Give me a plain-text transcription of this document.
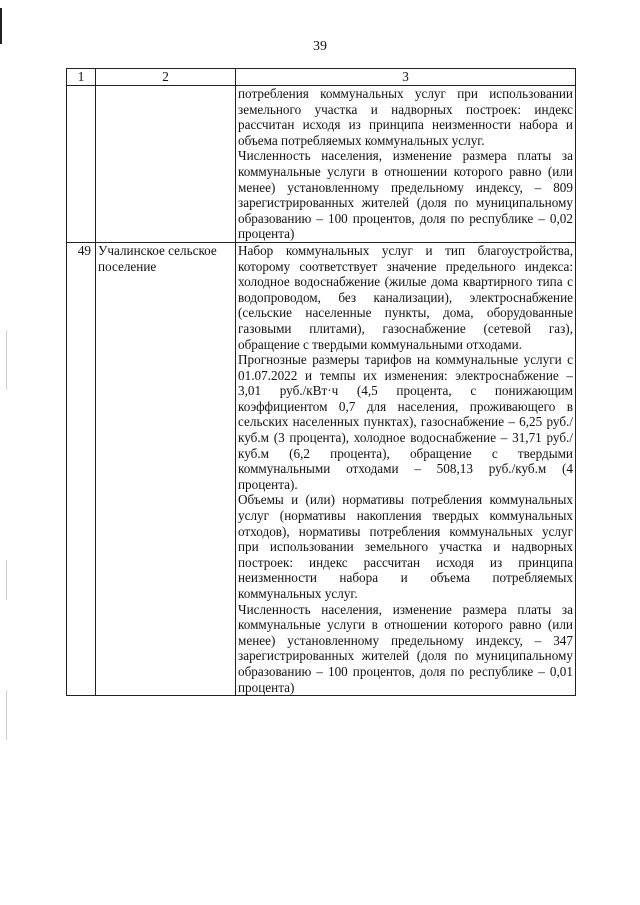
39
1	2	3

		потребления коммунальных услуг при использовании земельного участка и надворных построек: индекс рассчитан исходя из принципа неизменности набора и объема потребляемых коммунальных услуг.

Численность населения, изменение размера платы за коммунальные услуги в отношении которого равно (или менее) установленному предельному индексу, – 809 зарегистрированных жителей (доля по муниципальному образованию – 100 процентов, доля по республике – 0,02 процента)

49	Учалинское сельское поселение	Набор коммунальных услуг и тип благоустройства, которому соответствует значение предельного индекса: холодное водоснабжение (жилые дома квартирного типа с водопроводом, без канализации), электроснабжение (сельские населенные пункты, дома, оборудованные газовыми плитами), газоснабжение (сетевой газ), обращение с твердыми коммунальными отходами.

Прогнозные размеры тарифов на коммунальные услуги с 01.07.2022 и темпы их изменения: электроснабжение – 3,01 руб./кВт·ч (4,5 процента, с понижающим коэффициентом 0,7 для населения, проживающего в сельских населенных пунктах), газоснабжение – 6,25 руб./куб.м (3 процента), холодное водоснабжение – 31,71 руб./куб.м (6,2 процента), обращение с твердыми коммунальными отходами – 508,13 руб./куб.м (4 процента).

Объемы и (или) нормативы потребления коммунальных услуг (нормативы накопления твердых коммунальных отходов), нормативы потребления коммунальных услуг при использовании земельного участка и надворных построек: индекс рассчитан исходя из принципа неизменности набора и объема потребляемых коммунальных услуг.

Численность населения, изменение размера платы за коммунальные услуги в отношении которого равно (или менее) установленному предельному индексу, – 347 зарегистрированных жителей (доля по муниципальному образованию – 100 процентов, доля по республике – 0,01 процента)
